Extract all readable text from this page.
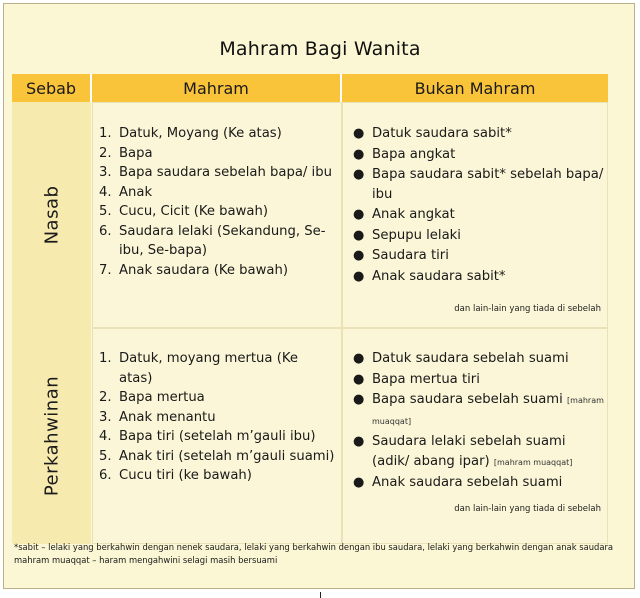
Mahram Bagi Wanita
Sebab	Mahram	Bukan Mahram
Nasab
1. Datuk, Moyang (Ke atas)
2. Bapa
3. Bapa saudara sebelah bapa/ ibu
4. Anak
5. Cucu, Cicit (Ke bawah)
6. Saudara lelaki (Sekandung, Se-ibu, Se-bapa)
7. Anak saudara (Ke bawah)
● Datuk saudara sabit*
● Bapa angkat
● Bapa saudara sabit* sebelah bapa/ ibu
● Anak angkat
● Sepupu lelaki
● Saudara tiri
● Anak saudara sabit*
dan lain-lain yang tiada di sebelah
Perkahwinan
1. Datuk, moyang mertua (Ke atas)
2. Bapa mertua
3. Anak menantu
4. Bapa tiri (setelah m’gauli ibu)
5. Anak tiri (setelah m’gauli suami)
6. Cucu tiri (ke bawah)
● Datuk saudara sebelah suami
● Bapa mertua tiri
● Bapa saudara sebelah suami [mahram muaqqat]
● Saudara lelaki sebelah suami (adik/ abang ipar) [mahram muaqqat]
● Anak saudara sebelah suami
dan lain-lain yang tiada di sebelah
*sabit – lelaki yang berkahwin dengan nenek saudara, lelaki yang berkahwin dengan ibu saudara, lelaki yang berkahwin dengan anak saudara
mahram muaqqat – haram mengahwini selagi masih bersuami
